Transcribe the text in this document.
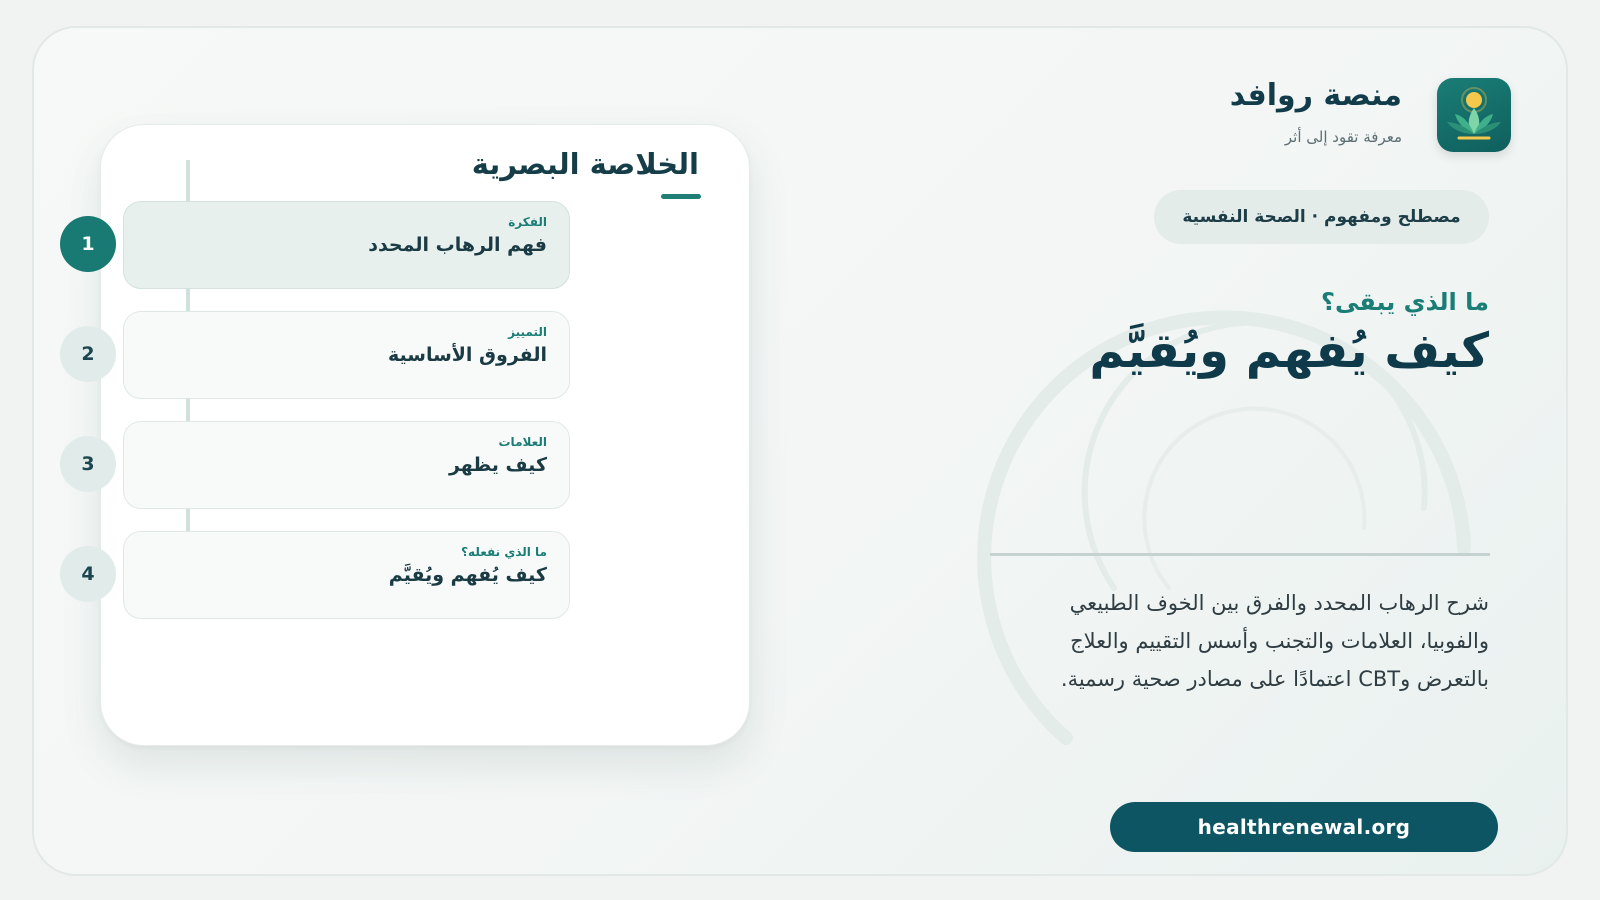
منصة روافد
معرفة تقود إلى أثر
مصطلح ومفهوم · الصحة النفسية
ما الذي يبقى؟
كيف يُفهم ويُقيَّم
شرح الرهاب المحدد والفرق بين الخوف الطبيعي والفوبيا، العلامات والتجنب وأسس التقييم والعلاج بالتعرض وCBT اعتمادًا على مصادر صحية رسمية.
healthrenewal.org
الخلاصة البصرية
1
الفكرة
فهم الرهاب المحدد
2
التمييز
الفروق الأساسية
3
العلامات
كيف يظهر
4
ما الذي نفعله؟
كيف يُفهم ويُقيَّم
